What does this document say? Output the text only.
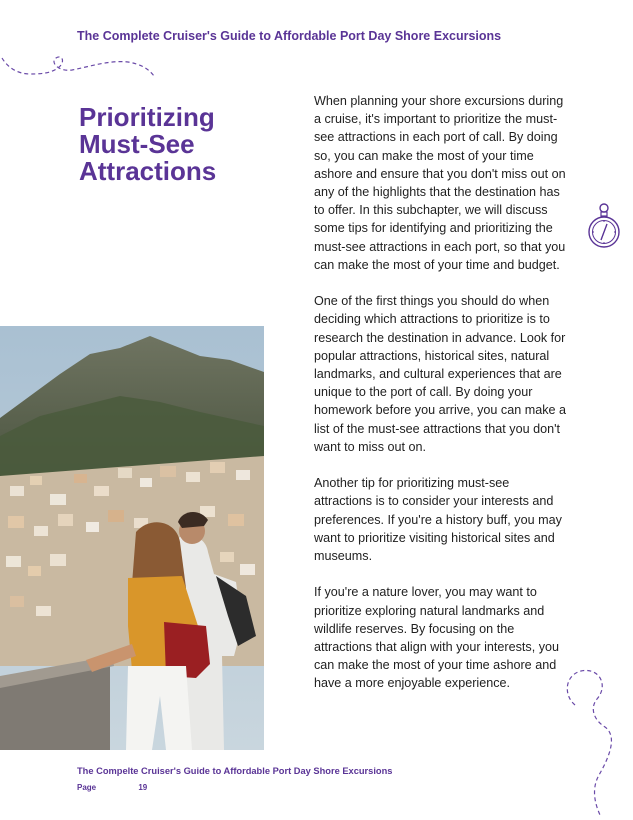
The Complete Cruiser's Guide to Affordable Port Day Shore Excursions
Prioritizing Must-See Attractions

When planning your shore excursions during a cruise, it's important to prioritize the must-see attractions in each port of call. By doing so, you can make the most of your time ashore and ensure that you don't miss out on any of the highlights that the destination has to offer. In this subchapter, we will discuss some tips for identifying and prioritizing the must-see attractions in each port, so that you can make the most of your time and budget.

One of the first things you should do when deciding which attractions to prioritize is to research the destination in advance. Look for popular attractions, historical sites, natural landmarks, and cultural experiences that are unique to the port of call. By doing your homework before you arrive, you can make a list of the must-see attractions that you don't want to miss out on.

Another tip for prioritizing must-see attractions is to consider your interests and preferences. If you're a history buff, you may want to prioritize visiting historical sites and museums.

If you're a nature lover, you may want to prioritize exploring natural landmarks and wildlife reserves. By focusing on the attractions that align with your interests, you can make the most of your time ashore and have a more enjoyable experience.

The Compelte Cruiser's Guide to Affordable Port Day Shore Excursions
Page	19
